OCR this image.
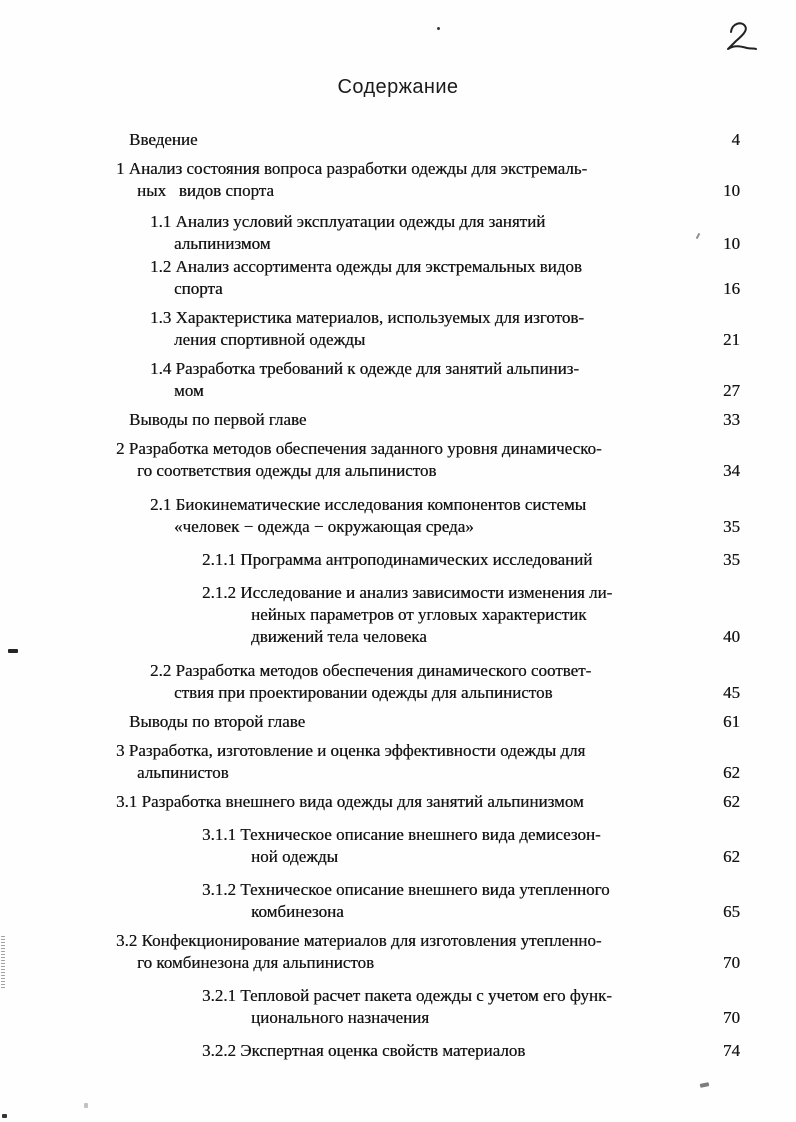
Содержание
Введение	4
1 Анализ состояния вопроса разработки одежды для экстремаль-
ных   видов спорта	10
1.1 Анализ условий эксплуатации одежды для занятий
альпинизмом	10
1.2 Анализ ассортимента одежды для экстремальных видов
спорта	16
1.3 Характеристика материалов, используемых для изготов-
ления спортивной одежды	21
1.4 Разработка требований к одежде для занятий альпиниз-
мом	27
Выводы по первой главе	33
2 Разработка методов обеспечения заданного уровня динамическо-
го соответствия одежды для альпинистов	34
2.1 Биокинематические исследования компонентов системы
«человек − одежда − окружающая среда»	35
2.1.1 Программа антроподинамических исследований	35
2.1.2 Исследование и анализ зависимости изменения ли-
нейных параметров от угловых характеристик
движений тела человека	40
2.2 Разработка методов обеспечения динамического соответ-
ствия при проектировании одежды для альпинистов	45
Выводы по второй главе	61
3 Разработка, изготовление и оценка эффективности одежды для
альпинистов	62
3.1 Разработка внешнего вида одежды для занятий альпинизмом	62
3.1.1 Техническое описание внешнего вида демисезон-
ной одежды	62
3.1.2 Техническое описание внешнего вида утепленного
комбинезона	65
3.2 Конфекционирование материалов для изготовления утепленно-
го комбинезона для альпинистов	70
3.2.1 Тепловой расчет пакета одежды с учетом его функ-
ционального назначения	70
3.2.2 Экспертная оценка свойств материалов	74
